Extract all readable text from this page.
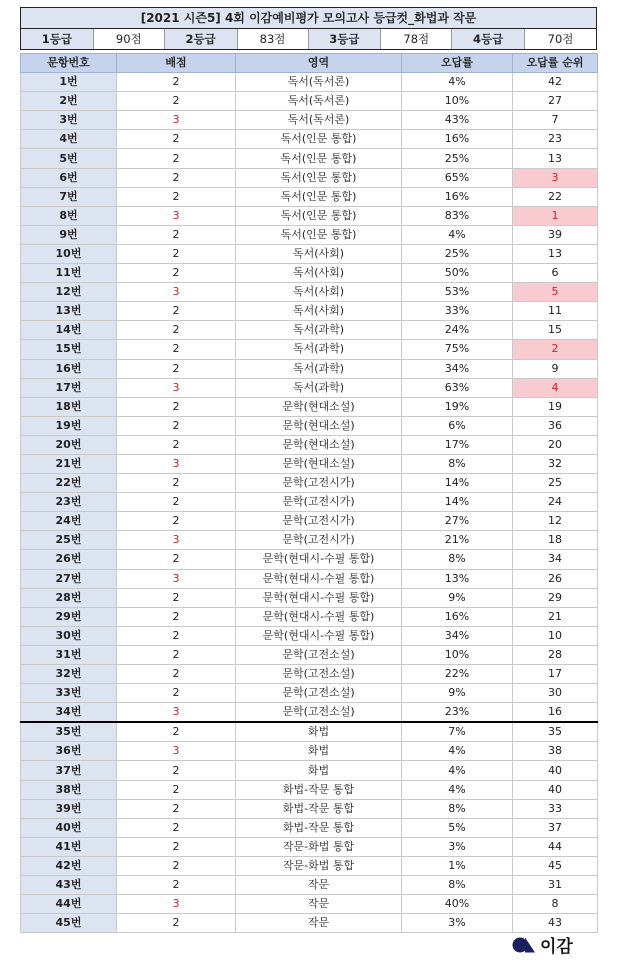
[2021 시즌5] 4회 이감예비평가 모의고사 등급컷_화법과 작문
1등급	90점	2등급	83점	3등급	78점	4등급	70점
문항번호	배점	영역	오답률	오답률 순위
1번	2	독서(독서론)	4%	42
2번	2	독서(독서론)	10%	27
3번	3	독서(독서론)	43%	7
4번	2	독서(인문 통합)	16%	23
5번	2	독서(인문 통합)	25%	13
6번	2	독서(인문 통합)	65%	3
7번	2	독서(인문 통합)	16%	22
8번	3	독서(인문 통합)	83%	1
9번	2	독서(인문 통합)	4%	39
10번	2	독서(사회)	25%	13
11번	2	독서(사회)	50%	6
12번	3	독서(사회)	53%	5
13번	2	독서(사회)	33%	11
14번	2	독서(과학)	24%	15
15번	2	독서(과학)	75%	2
16번	2	독서(과학)	34%	9
17번	3	독서(과학)	63%	4
18번	2	문학(현대소설)	19%	19
19번	2	문학(현대소설)	6%	36
20번	2	문학(현대소설)	17%	20
21번	3	문학(현대소설)	8%	32
22번	2	문학(고전시가)	14%	25
23번	2	문학(고전시가)	14%	24
24번	2	문학(고전시가)	27%	12
25번	3	문학(고전시가)	21%	18
26번	2	문학(현대시-수필 통합)	8%	34
27번	3	문학(현대시-수필 통합)	13%	26
28번	2	문학(현대시-수필 통합)	9%	29
29번	2	문학(현대시-수필 통합)	16%	21
30번	2	문학(현대시-수필 통합)	34%	10
31번	2	문학(고전소설)	10%	28
32번	2	문학(고전소설)	22%	17
33번	2	문학(고전소설)	9%	30
34번	3	문학(고전소설)	23%	16
35번	2	화법	7%	35
36번	3	화법	4%	38
37번	2	화법	4%	40
38번	2	화법-작문 통합	4%	40
39번	2	화법-작문 통합	8%	33
40번	2	화법-작문 통합	5%	37
41번	2	작문-화법 통합	3%	44
42번	2	작문-화법 통합	1%	45
43번	2	작문	8%	31
44번	3	작문	40%	8
45번	2	작문	3%	43
이감
